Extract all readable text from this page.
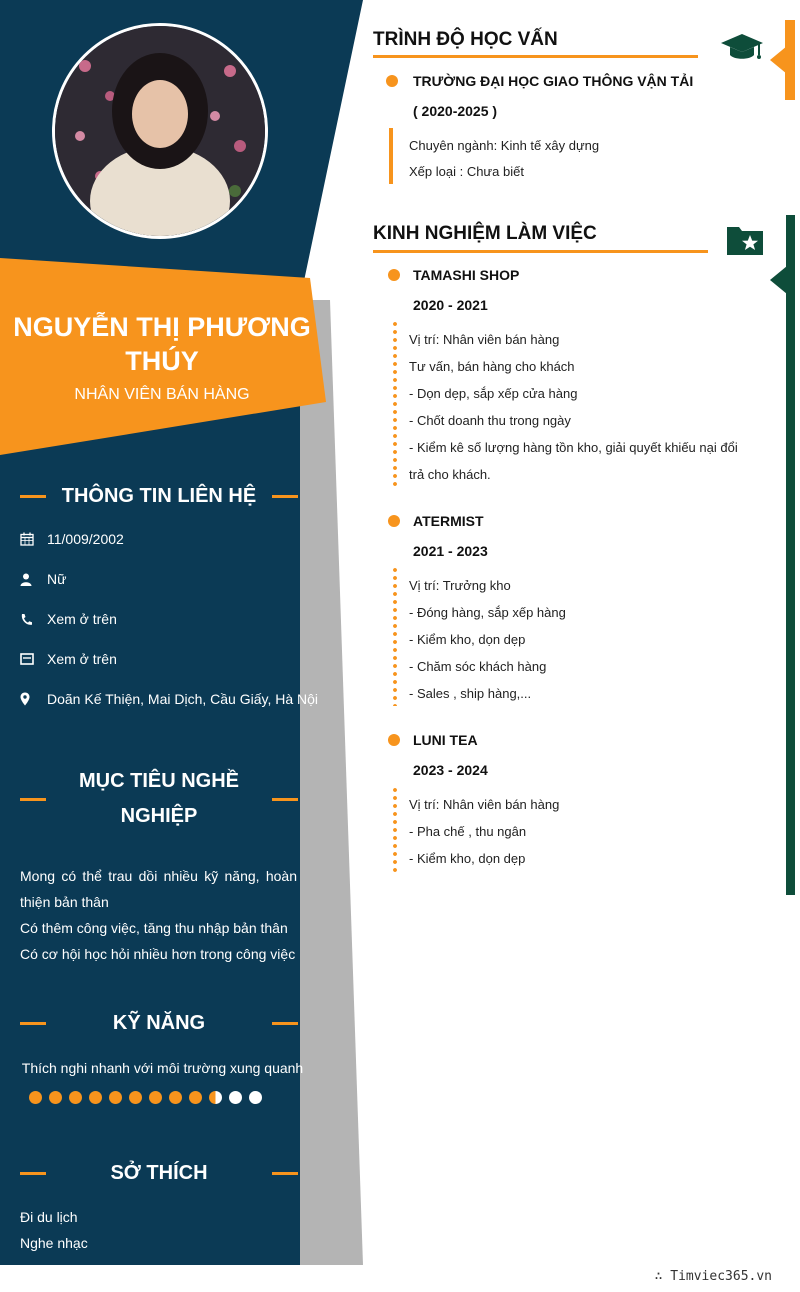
NGUYỄN THỊ PHƯƠNG THÚY
NHÂN VIÊN BÁN HÀNG
THÔNG TIN LIÊN HỆ
11/009/2002
Nữ
Xem ở trên
Xem ở trên
Doãn Kế Thiện, Mai Dịch, Cầu Giấy, Hà Nội
MỤC TIÊU NGHỀ
NGHIỆP
Mong có thể trau dồi nhiều kỹ năng, hoàn thiện bản thân
Có thêm công việc, tăng thu nhập bản thân
Có cơ hội học hỏi nhiều hơn trong công việc
KỸ NĂNG
Thích nghi nhanh với môi trường xung quanh
SỞ THÍCH
Đi du lịch
Nghe nhạc
TRÌNH ĐỘ HỌC VẤN
TRƯỜNG ĐẠI HỌC GIAO THÔNG VẬN TẢI
( 2020-2025 )
Chuyên ngành: Kinh tế xây dựng
Xếp loại : Chưa biết
KINH NGHIỆM LÀM VIỆC
TAMASHI SHOP
2020 - 2021
Vị trí: Nhân viên bán hàng
Tư vấn, bán hàng cho khách
- Dọn dẹp, sắp xếp cửa hàng
- Chốt doanh thu trong ngày
- Kiểm kê số lượng hàng tồn kho, giải quyết khiếu nại đổi trả cho khách.
ATERMIST
2021 - 2023
Vị trí: Trưởng kho
- Đóng hàng, sắp xếp hàng
- Kiểm kho, dọn dẹp
- Chăm sóc khách hàng
- Sales , ship hàng,...
LUNI TEA
2023 - 2024
Vị trí: Nhân viên bán hàng
- Pha chế , thu ngân
- Kiểm kho, dọn dẹp
∴ Timviec365.vn
